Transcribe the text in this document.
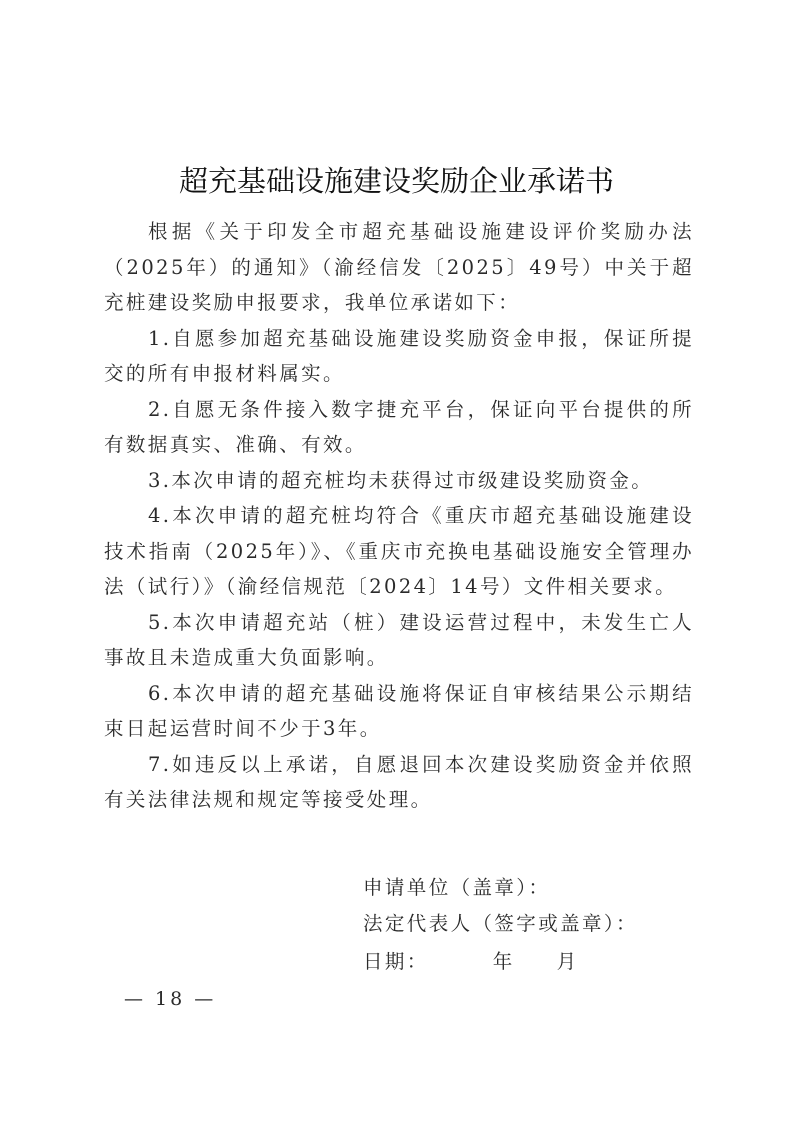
超充基础设施建设奖励企业承诺书

根据《关于印发全市超充基础设施建设评价奖励办法（2025年）的通知》（渝经信发〔2025〕49号）中关于超充桩建设奖励申报要求，我单位承诺如下：

1.自愿参加超充基础设施建设奖励资金申报，保证所提交的所有申报材料属实。

2.自愿无条件接入数字捷充平台，保证向平台提供的所有数据真实、准确、有效。

3.本次申请的超充桩均未获得过市级建设奖励资金。

4.本次申请的超充桩均符合《重庆市超充基础设施建设技术指南（2025年）》、《重庆市充换电基础设施安全管理办法（试行）》（渝经信规范〔2024〕14号）文件相关要求。

5.本次申请超充站（桩）建设运营过程中，未发生亡人事故且未造成重大负面影响。

6.本次申请的超充基础设施将保证自审核结果公示期结束日起运营时间不少于3年。

7.如违反以上承诺，自愿退回本次建设奖励资金并依照有关法律法规和规定等接受处理。

申请单位（盖章）：

法定代表人（签字或盖章）：

日期：	年 月

— 18 —
